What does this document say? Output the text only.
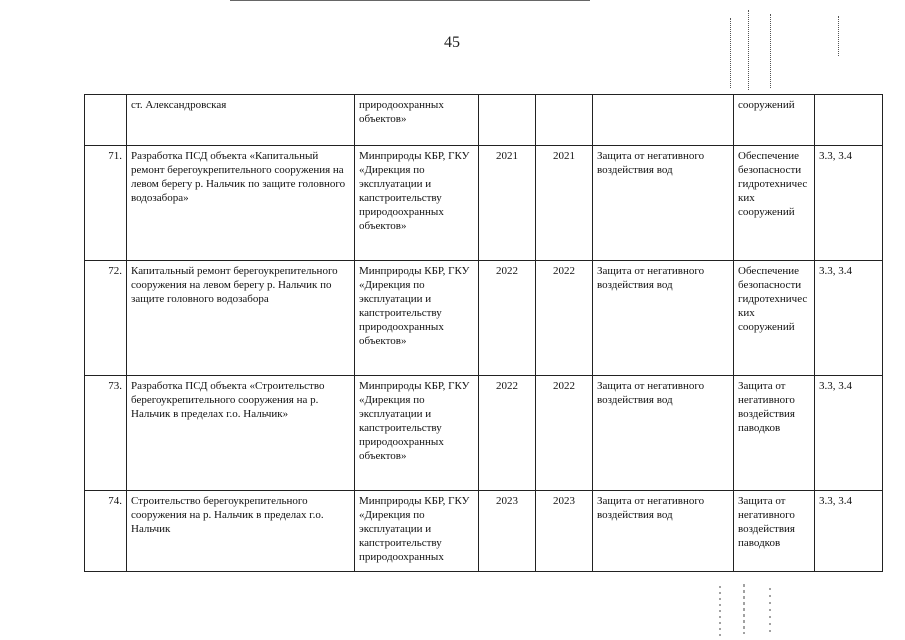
45
	ст. Александровская	природоохранных объектов»				сооружений	
71.	Разработка ПСД объекта «Капитальный ремонт берегоукрепительного сооружения на левом берегу р. Нальчик по защите головного водозабора»	Минприроды КБР, ГКУ «Дирекция по эксплуатации и капстроительству природоохранных объектов»	2021	2021	Защита от негативного воздействия вод	Обеспечение безопасности гидротехничес ких сооружений	3.3, 3.4
72.	Капитальный ремонт берегоукрепительного сооружения на левом берегу р. Нальчик по защите головного водозабора	Минприроды КБР, ГКУ «Дирекция по эксплуатации и капстроительству природоохранных объектов»	2022	2022	Защита от негативного воздействия вод	Обеспечение безопасности гидротехничес ких сооружений	3.3, 3.4
73.	Разработка ПСД объекта «Строительство берегоукрепительного сооружения на р. Нальчик в пределах г.о. Нальчик»	Минприроды КБР, ГКУ «Дирекция по эксплуатации и капстроительству природоохранных объектов»	2022	2022	Защита от негативного воздействия вод	Защита от негативного воздействия паводков	3.3, 3.4
74.	Строительство берегоукрепительного сооружения на р. Нальчик в пределах г.о. Нальчик	Минприроды КБР, ГКУ «Дирекция по эксплуатации и капстроительству природоохранных	2023	2023	Защита от негативного воздействия вод	Защита от негативного воздействия паводков	3.3, 3.4
